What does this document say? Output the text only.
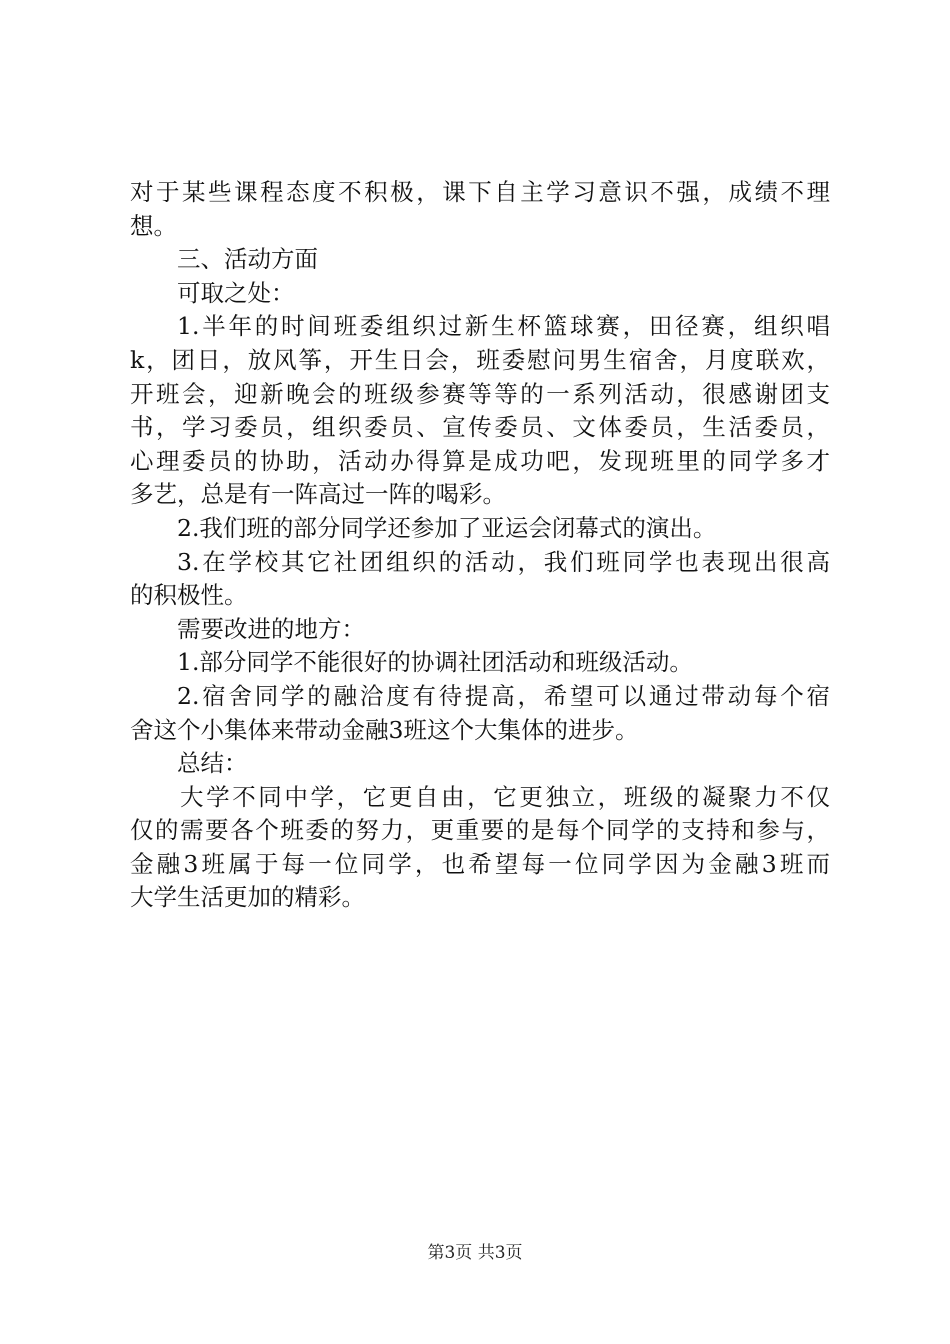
对于某些课程态度不积极，课下自主学习意识不强，成绩不理
想。
三、活动方面
可取之处：
1.半年的时间班委组织过新生杯篮球赛，田径赛，组织唱
k，团日，放风筝，开生日会，班委慰问男生宿舍，月度联欢，
开班会，迎新晚会的班级参赛等等的一系列活动，很感谢团支
书，学习委员，组织委员、宣传委员、文体委员，生活委员，
心理委员的协助，活动办得算是成功吧，发现班里的同学多才
多艺，总是有一阵高过一阵的喝彩。
2.我们班的部分同学还参加了亚运会闭幕式的演出。
3.在学校其它社团组织的活动，我们班同学也表现出很高
的积极性。
需要改进的地方：
1.部分同学不能很好的协调社团活动和班级活动。
2.宿舍同学的融洽度有待提高，希望可以通过带动每个宿
舍这个小集体来带动金融3班这个大集体的进步。
总结：
大学不同中学，它更自由，它更独立，班级的凝聚力不仅
仅的需要各个班委的努力，更重要的是每个同学的支持和参与，
金融3班属于每一位同学，也希望每一位同学因为金融3班而
大学生活更加的精彩。
第3页 共3页
